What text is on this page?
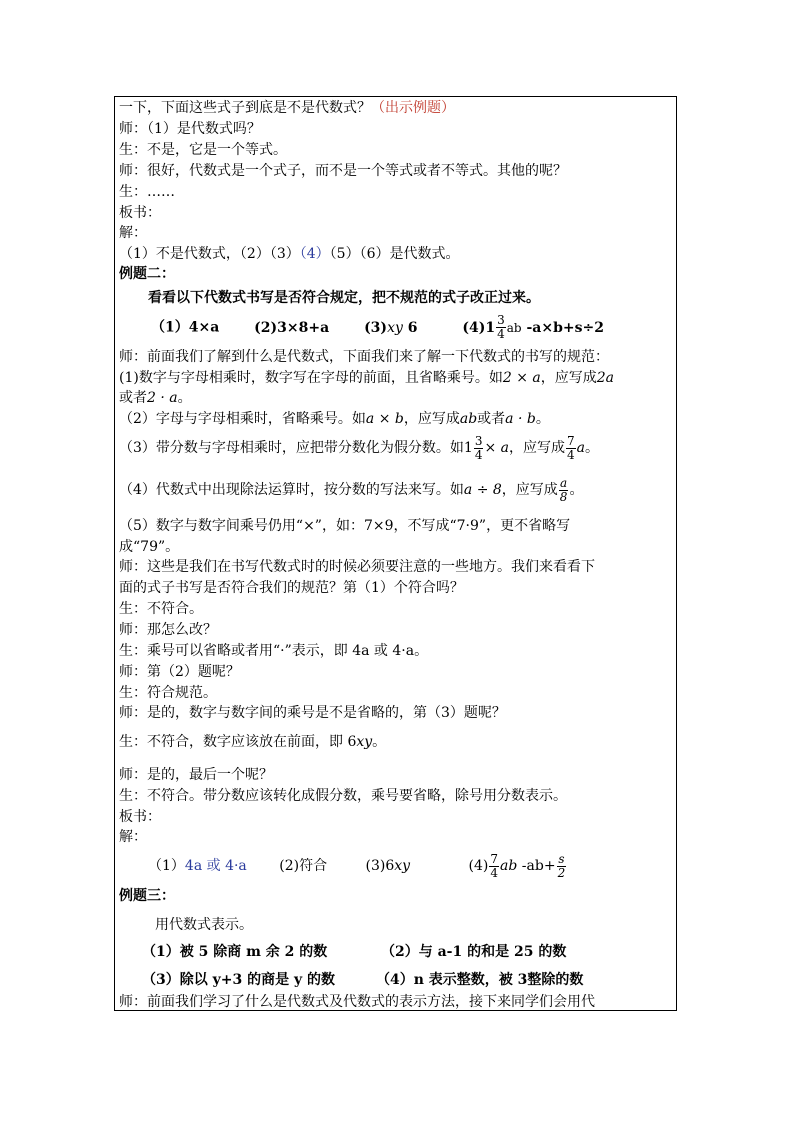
一下，下面这些式子到底是不是代数式？（出示例题）
师：（1）是代数式吗？
生：不是，它是一个等式。
师：很好，代数式是一个式子，而不是一个等式或者不等式。其他的呢？
生：……
板书：
解：
（1）不是代数式，（2）（3）（4）（5）（6）是代数式。
例题二：
看看以下代数式书写是否符合规定，把不规范的式子改正过来。
（1）4×a (2)3×8+a (3)xy 6	$(4)1 \frac{3}{4}$ ab -a×b+s÷2
师：前面我们了解到什么是代数式，下面我们来了解一下代数式的书写的规范：
(1)数字与字母相乘时，数字写在字母的前面，且省略乘号。如2 × a，应写成2a
或者2 · a。
（2）字母与字母相乘时，省略乘号。如a × b，应写成ab或者a · b。
（3）带分数与字母相乘时，应把带分数化为假分数。如$1 \frac{3}{4} \times a$，应写成 $\frac{7}{4}$ a。
（4）代数式中出现除法运算时，按分数的写法来写。如a ÷ 8，应写成 $\frac{a}{8}$ 。
（5）数字与数字间乘号仍用“×”，如：7×9，不写成“7·9”，更不省略写
成“79”。
师：这些是我们在书写代数式时的时候必须要注意的一些地方。我们来看看下
面的式子书写是否符合我们的规范？第（1）个符合吗？
生：不符合。
师：那怎么改？
生：乘号可以省略或者用“·”表示，即 4a 或 4·a。
师：第（2）题呢？
生：符合规范。
师：是的，数字与数字间的乘号是不是省略的，第（3）题呢？
生：不符合，数字应该放在前面，即 6xy。
师：是的，最后一个呢？
生：不符合。带分数应该转化成假分数，乘号要省略，除号用分数表示。
板书：
解：
（1）4a 或 4·a (2)符合	(3)6xy	$(4) \frac{7}{4}$ ab $-ab+ \frac{s}{2}$
例题三：
用代数式表示。
（1）被 5 除商 m 余 2 的数	（2）与 a-1 的和是 25 的数
（3）除以 y+3 的商是 y 的数	（4）n 表示整数，被 3整除的数
师：前面我们学习了什么是代数式及代数式的表示方法，接下来同学们会用代
